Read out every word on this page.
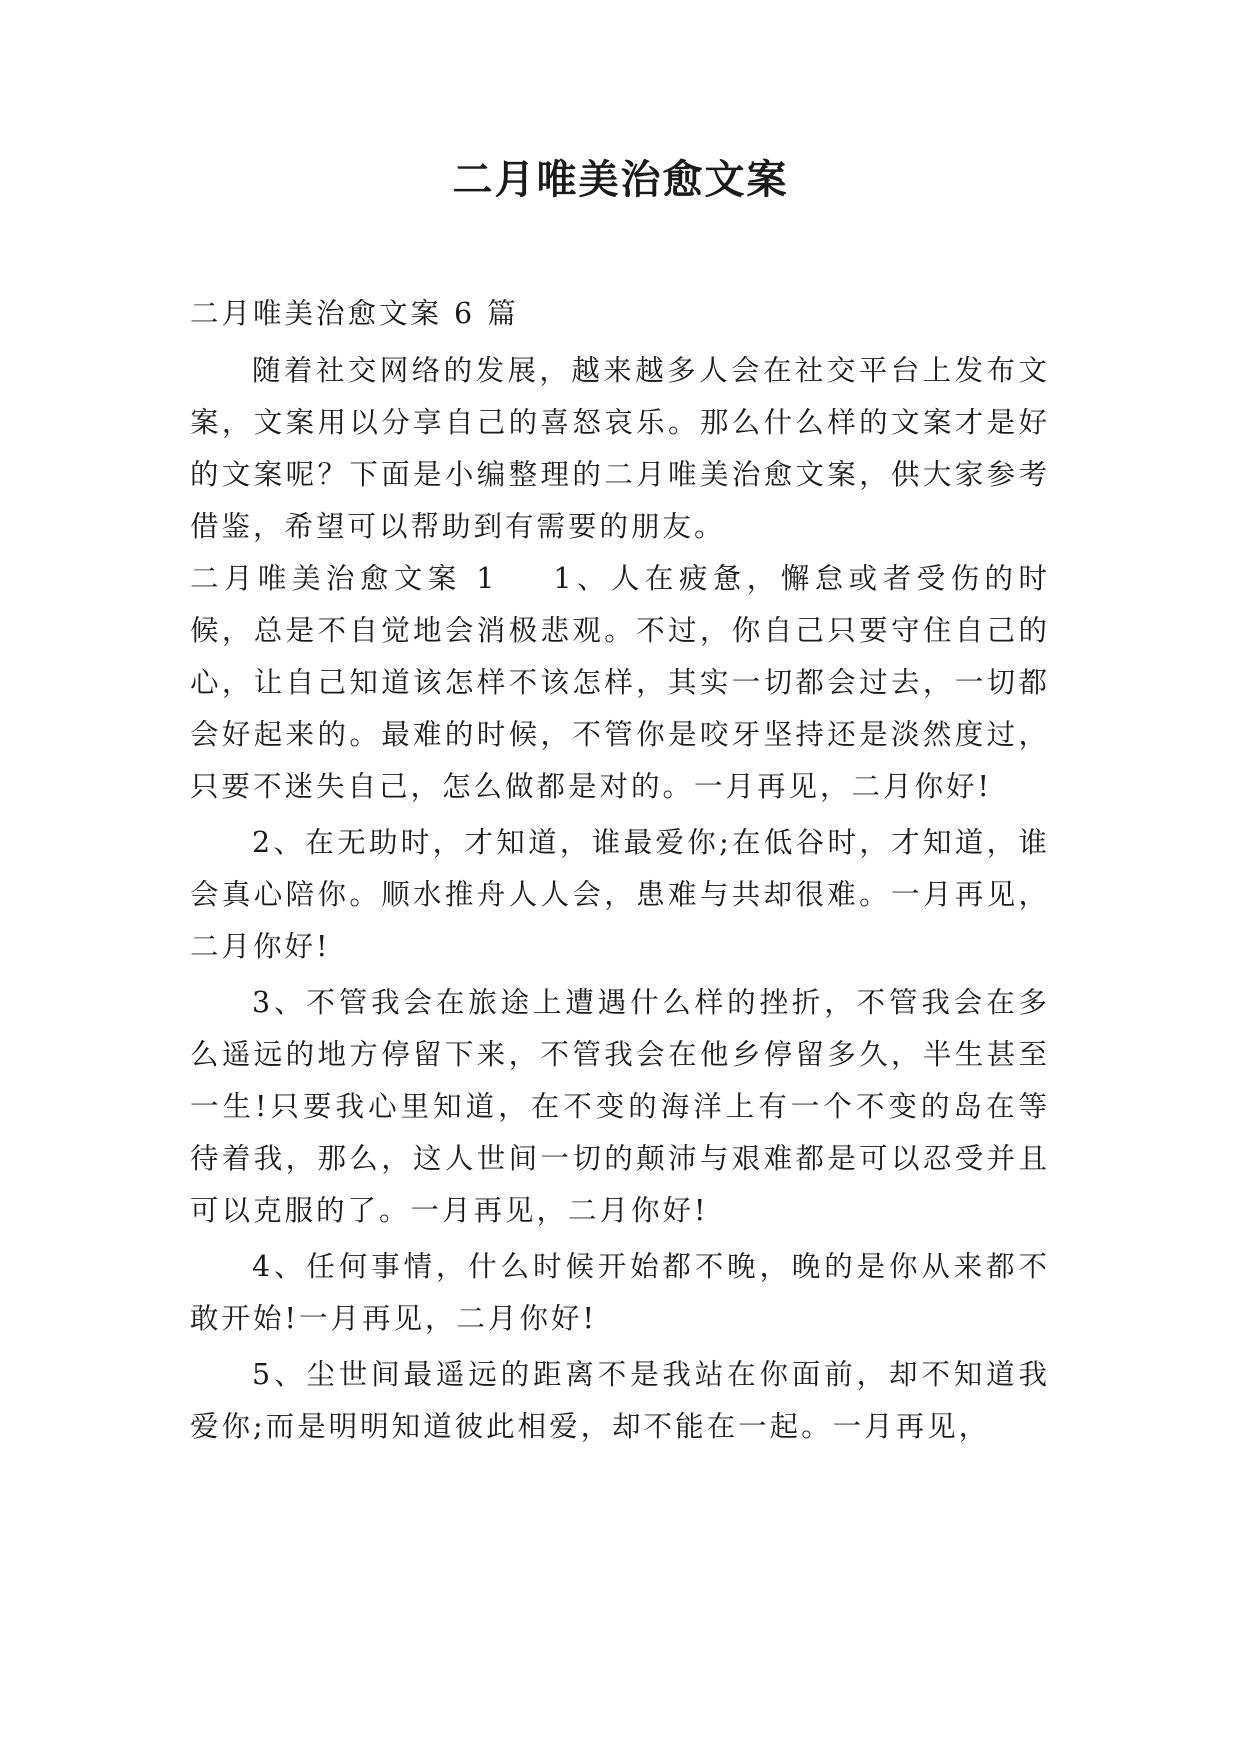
二月唯美治愈文案

二月唯美治愈文案 6 篇

随着社交网络的发展，越来越多人会在社交平台上发布文案，文案用以分享自己的喜怒哀乐。那么什么样的文案才是好的文案呢？下面是小编整理的二月唯美治愈文案，供大家参考借鉴，希望可以帮助到有需要的朋友。

二月唯美治愈文案 1 1、人在疲惫，懈怠或者受伤的时候，总是不自觉地会消极悲观。不过，你自己只要守住自己的心，让自己知道该怎样不该怎样，其实一切都会过去，一切都会好起来的。最难的时候，不管你是咬牙坚持还是淡然度过，只要不迷失自己，怎么做都是对的。一月再见，二月你好!

2、在无助时，才知道，谁最爱你;在低谷时，才知道，谁会真心陪你。顺水推舟人人会，患难与共却很难。一月再见，二月你好!

3、不管我会在旅途上遭遇什么样的挫折，不管我会在多么遥远的地方停留下来，不管我会在他乡停留多久，半生甚至一生!只要我心里知道，在不变的海洋上有一个不变的岛在等待着我，那么，这人世间一切的颠沛与艰难都是可以忍受并且可以克服的了。一月再见，二月你好!

4、任何事情，什么时候开始都不晚，晚的是你从来都不敢开始!一月再见，二月你好!

5、尘世间最遥远的距离不是我站在你面前，却不知道我爱你;而是明明知道彼此相爱，却不能在一起。一月再见，
